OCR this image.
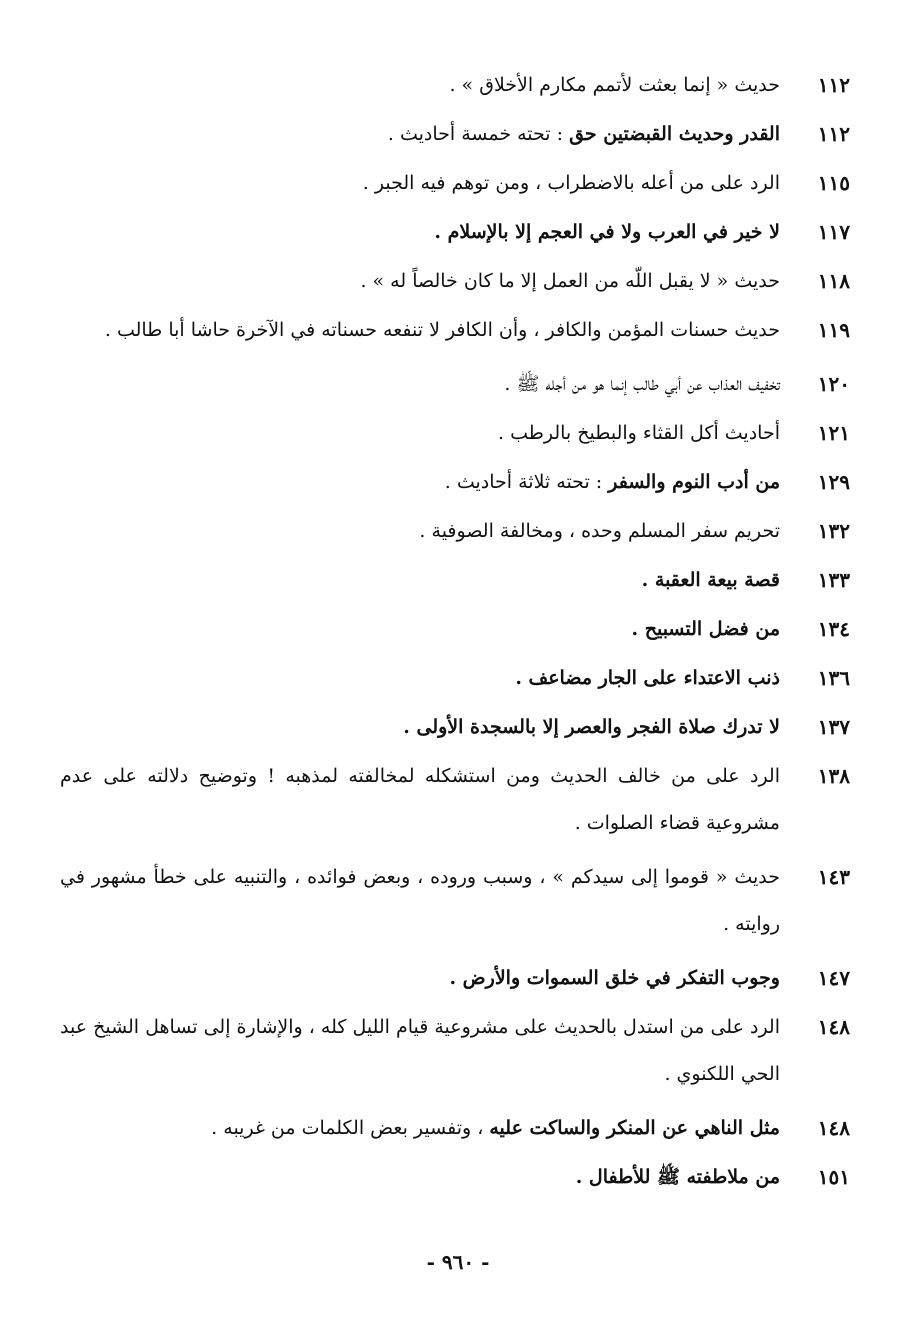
١١٢
حديث « إنما بعثت لأتمم مكارم الأخلاق » .
١١٢
القدر وحديث القبضتين حق : تحته خمسة أحاديث .
١١٥
الرد على من أعله بالاضطراب ، ومن توهم فيه الجبر .
١١٧
لا خير في العرب ولا في العجم إلا بالإسلام .
١١٨
حديث « لا يقبل اللّه من العمل إلا ما كان خالصاً له » .
١١٩
حديث حسنات المؤمن والكافر ، وأن الكافر لا تنفعه حسناته في الآخرة حاشا أبا طالب .
١٢٠
تخفيف العذاب عن أبي طالب إنما هو من أجله ﷺ .
١٢١
أحاديث أكل القثاء والبطيخ بالرطب .
١٢٩
من أدب النوم والسفر : تحته ثلاثة أحاديث .
١٣٢
تحريم سفر المسلم وحده ، ومخالفة الصوفية .
١٣٣
قصة بيعة العقبة .
١٣٤
من فضل التسبيح .
١٣٦
ذنب الاعتداء على الجار مضاعف .
١٣٧
لا تدرك صلاة الفجر والعصر إلا بالسجدة الأولى .
١٣٨
الرد على من خالف الحديث ومن استشكله لمخالفته لمذهبه ! وتوضيح دلالته على عدم مشروعية قضاء الصلوات .
١٤٣
حديث « قوموا إلى سيدكم » ، وسبب وروده ، وبعض فوائده ، والتنبيه على خطأ مشهور في روايته .
١٤٧
وجوب التفكر في خلق السموات والأرض .
١٤٨
الرد على من استدل بالحديث على مشروعية قيام الليل كله ، والإشارة إلى تساهل الشيخ عبد الحي اللكنوي .
١٤٨
مثل الناهي عن المنكر والساكت عليه ، وتفسير بعض الكلمات من غريبه .
١٥١
من ملاطفته ﷺ للأطفال .
- ٩٦٠ -
